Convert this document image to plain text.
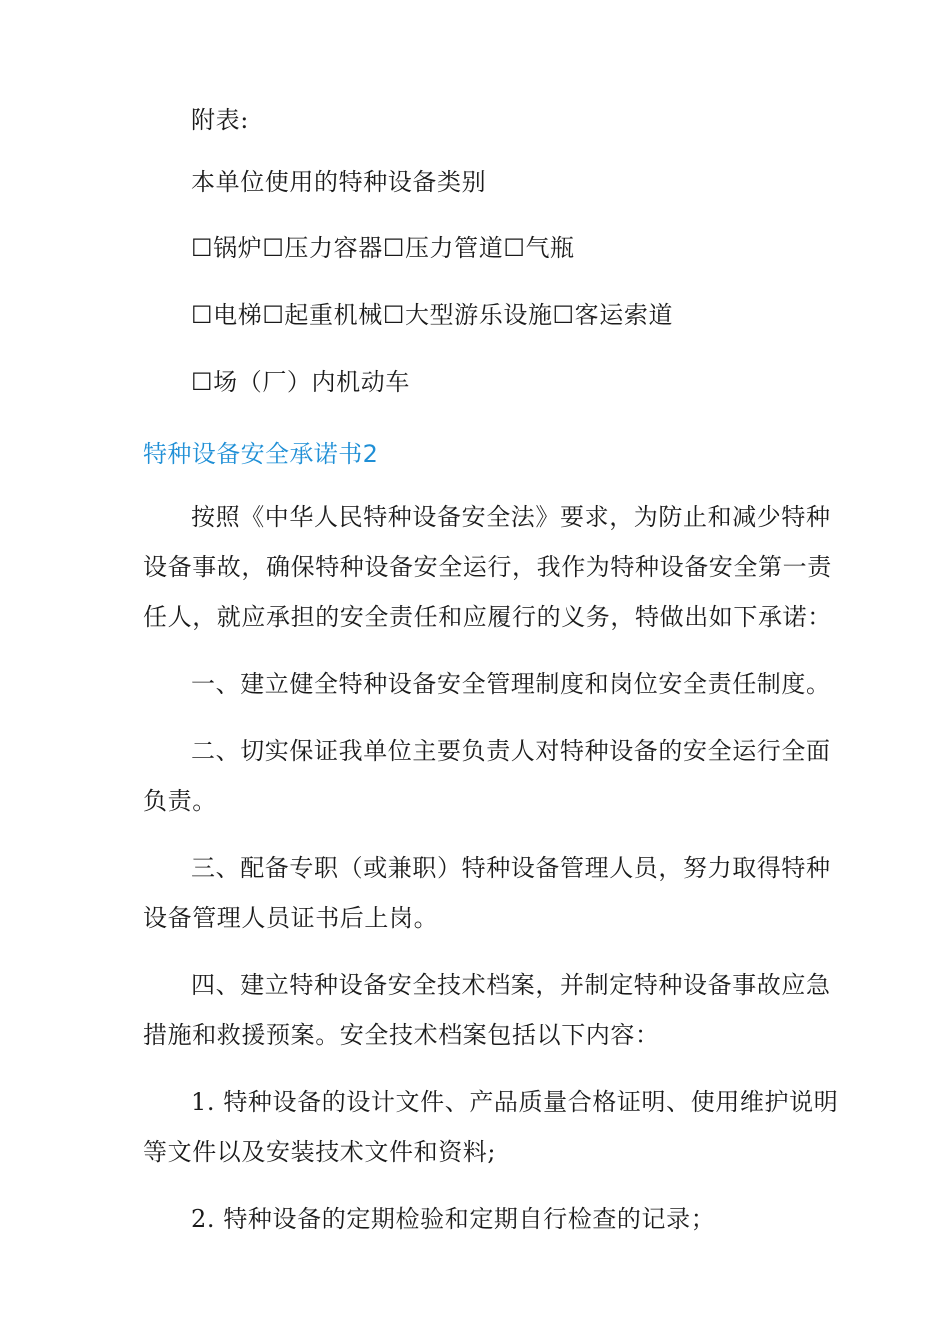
附表:
本单位使用的特种设备类别
☐锅炉☐压力容器☐压力管道☐气瓶
☐电梯☐起重机械☐大型游乐设施☐客运索道
☐场（厂）内机动车
特种设备安全承诺书2
按照《中华人民特种设备安全法》要求，为防止和减少特种
设备事故，确保特种设备安全运行，我作为特种设备安全第一责
任人，就应承担的安全责任和应履行的义务，特做出如下承诺：
一、建立健全特种设备安全管理制度和岗位安全责任制度。
二、切实保证我单位主要负责人对特种设备的安全运行全面
负责。
三、配备专职（或兼职）特种设备管理人员，努力取得特种
设备管理人员证书后上岗。
四、建立特种设备安全技术档案，并制定特种设备事故应急
措施和救援预案。安全技术档案包括以下内容：
1. 特种设备的设计文件、产品质量合格证明、使用维护说明
等文件以及安装技术文件和资料;
2. 特种设备的定期检验和定期自行检查的记录；
